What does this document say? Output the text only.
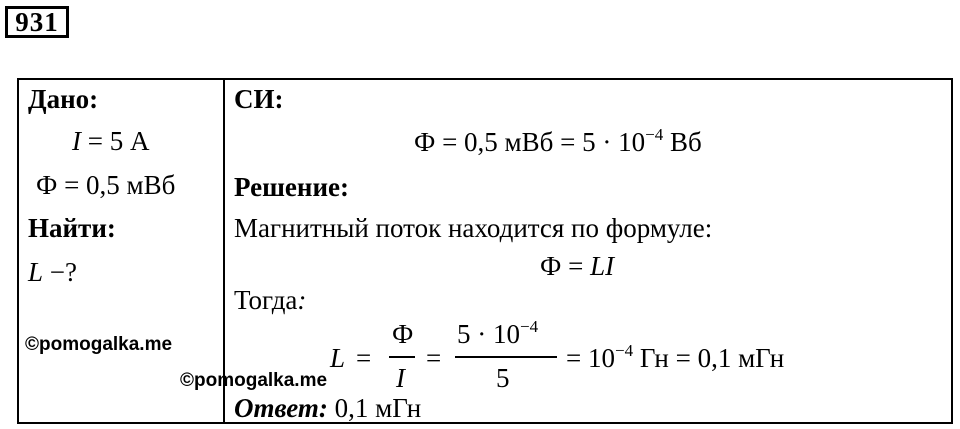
931
Дано:
I = 5 А
Ф = 0,5 мВб
Найти:
L −?
СИ:
Ф = 0,5 мВб = $5 \cdot 10^{-4}$ Вб
Решение:
Магнитный поток находится по формуле:
Ф = LI
Тогда:
L =
Ф
I
=
$5 \cdot 10^{-4}$
5
= $10^{-4}$ Гн = 0,1 мГн
Ответ: 0,1 мГн
©pomogalka.me
©pomogalka.me
